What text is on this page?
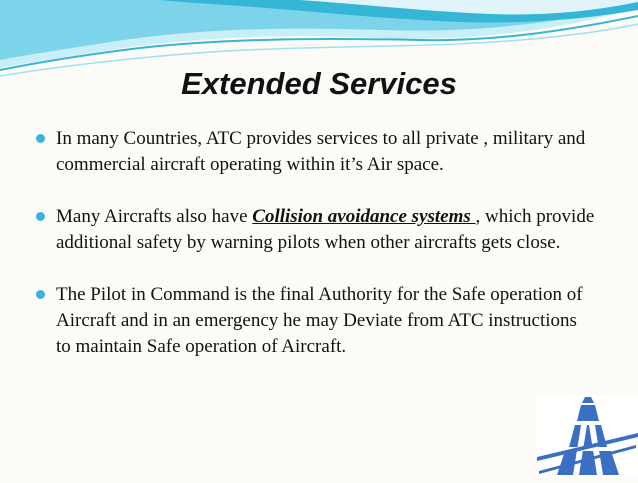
Extended Services
In many Countries, ATC provides services to all private , military and commercial aircraft operating within it’s Air space.
Many Aircrafts also have Collision avoidance systems , which provide additional safety by warning pilots when other aircrafts gets close.
The Pilot in Command is the final Authority for the Safe operation of Aircraft and in an emergency he may Deviate from ATC instructions to maintain Safe operation of Aircraft.
